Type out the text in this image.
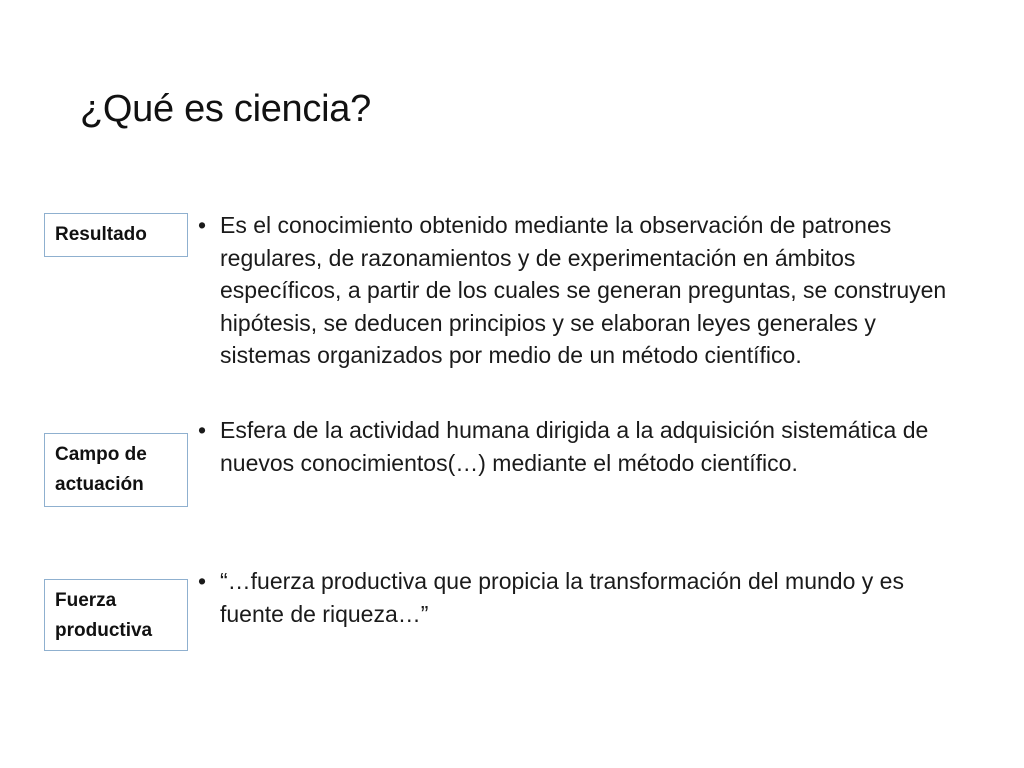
¿Qué es ciencia?
Resultado
Campo de
actuación
Fuerza
productiva
• Es el conocimiento obtenido mediante la observación de patrones regulares, de razonamientos y de experimentación en ámbitos específicos, a partir de los cuales se generan preguntas, se construyen hipótesis, se deducen principios y se elaboran leyes generales y sistemas organizados por medio de un método científico.
• Esfera de la actividad humana dirigida a la adquisición sistemática de nuevos conocimientos(…) mediante el método científico.
• “…fuerza productiva que propicia la transformación del mundo y es fuente de riqueza…”
